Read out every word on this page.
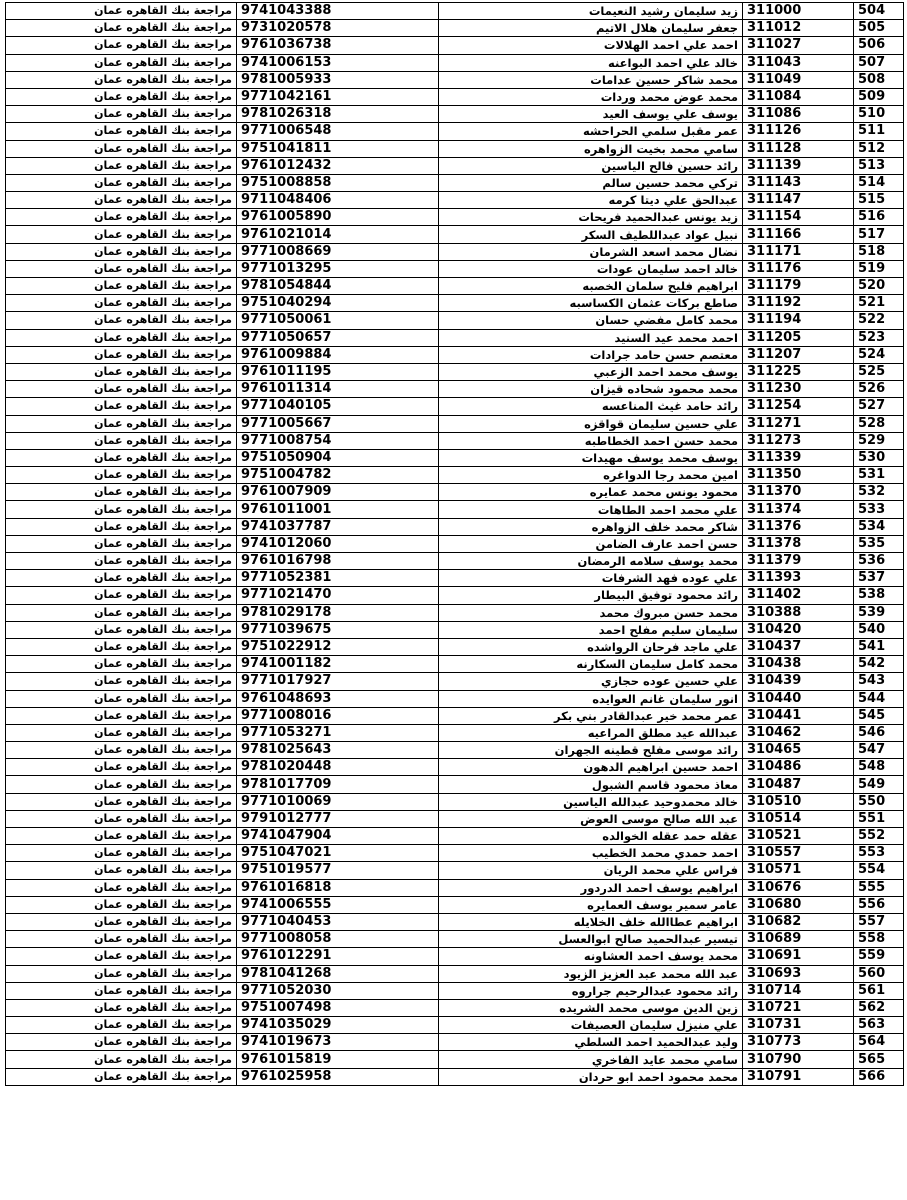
مراجعة بنك القاهره عمان	9741043388	زيد سليمان رشيد النعيمات	311000	504
مراجعة بنك القاهره عمان	9731020578	جعفر سليمان هلال الاتيم	311012	505
مراجعة بنك القاهره عمان	9761036738	احمد علي احمد الهلالات	311027	506
مراجعة بنك القاهره عمان	9741006153	خالد علي احمد البواعنه	311043	507
مراجعة بنك القاهره عمان	9781005933	محمد شاكر حسين عدامات	311049	508
مراجعة بنك القاهره عمان	9771042161	محمد عوض محمد وردات	311084	509
مراجعة بنك القاهره عمان	9781026318	يوسف علي يوسف العيد	311086	510
مراجعة بنك القاهره عمان	9771006548	عمر مقبل سلمي الحراحشه	311126	511
مراجعة بنك القاهره عمان	9751041811	سامي محمد بخيت الزواهره	311128	512
مراجعة بنك القاهره عمان	9761012432	رائد حسين فالح الياسين	311139	513
مراجعة بنك القاهره عمان	9751008858	تركي محمد حسين سالم	311143	514
مراجعة بنك القاهره عمان	9711048406	عبدالحق علي ديتا كرمه	311147	515
مراجعة بنك القاهره عمان	9761005890	زيد يونس عبدالحميد فريحات	311154	516
مراجعة بنك القاهره عمان	9761021014	نبيل عواد عبداللطيف السكر	311166	517
مراجعة بنك القاهره عمان	9771008669	نضال محمد اسعد الشرمان	311171	518
مراجعة بنك القاهره عمان	9771013295	خالد احمد سليمان عودات	311176	519
مراجعة بنك القاهره عمان	9781054844	ابراهيم فليح سلمان الخصبه	311179	520
مراجعة بنك القاهره عمان	9751040294	صاطع بركات عثمان الكساسبه	311192	521
مراجعة بنك القاهره عمان	9771050061	محمد كامل مفضي حسان	311194	522
مراجعة بنك القاهره عمان	9771050657	احمد محمد عيد السنيد	311205	523
مراجعة بنك القاهره عمان	9761009884	معتصم حسن حامد جرادات	311207	524
مراجعة بنك القاهره عمان	9761011195	يوسف محمد احمد الزعبي	311225	525
مراجعة بنك القاهره عمان	9761011314	محمد محمود شحاده قيزان	311230	526
مراجعة بنك القاهره عمان	9771040105	رائد حامد غيث المناعسه	311254	527
مراجعة بنك القاهره عمان	9771005667	علي حسين سليمان قواقزه	311271	528
مراجعة بنك القاهره عمان	9771008754	محمد حسن احمد الخطاطبه	311273	529
مراجعة بنك القاهره عمان	9751050904	يوسف محمد يوسف مهيدات	311339	530
مراجعة بنك القاهره عمان	9751004782	امين محمد رجا الدواغره	311350	531
مراجعة بنك القاهره عمان	9761007909	محمود يونس محمد عمايره	311370	532
مراجعة بنك القاهره عمان	9761011001	علي محمد احمد الطاهات	311374	533
مراجعة بنك القاهره عمان	9741037787	شاكر محمد خلف الزواهره	311376	534
مراجعة بنك القاهره عمان	9741012060	حسن احمد عارف الضامن	311378	535
مراجعة بنك القاهره عمان	9761016798	محمد يوسف سلامه الرمضان	311379	536
مراجعة بنك القاهره عمان	9771052381	علي عوده فهد الشرفات	311393	537
مراجعة بنك القاهره عمان	9771021470	رائد محمود توفيق البيطار	311402	538
مراجعة بنك القاهره عمان	9781029178	محمد حسن مبروك محمد	310388	539
مراجعة بنك القاهره عمان	9771039675	سليمان سليم مفلح احمد	310420	540
مراجعة بنك القاهره عمان	9751022912	علي ماجد فرحان الرواشده	310437	541
مراجعة بنك القاهره عمان	9741001182	محمد كامل سليمان السكارنه	310438	542
مراجعة بنك القاهره عمان	9771017927	علي حسين عوده حجازي	310439	543
مراجعة بنك القاهره عمان	9761048693	انور سليمان غانم العوايده	310440	544
مراجعة بنك القاهره عمان	9771008016	عمر محمد خير عبدالقادر بني بكر	310441	545
مراجعة بنك القاهره عمان	9771053271	عبدالله عيد مطلق المراعيه	310462	546
مراجعة بنك القاهره عمان	9781025643	رائد موسى مفلح قطينه الجهران	310465	547
مراجعة بنك القاهره عمان	9781020448	احمد حسين ابراهيم الدهون	310486	548
مراجعة بنك القاهره عمان	9781017709	معاذ محمود قاسم الشبول	310487	549
مراجعة بنك القاهره عمان	9771010069	خالد محمدوحيد عبدالله الياسين	310510	550
مراجعة بنك القاهره عمان	9791012777	عبد الله صالح موسى العوض	310514	551
مراجعة بنك القاهره عمان	9741047904	عقله حمد عقله الخوالده	310521	552
مراجعة بنك القاهره عمان	9751047021	احمد حمدي محمد الخطيب	310557	553
مراجعة بنك القاهره عمان	9751019577	فراس علي محمد الريان	310571	554
مراجعة بنك القاهره عمان	9761016818	ابراهيم يوسف احمد الدردور	310676	555
مراجعة بنك القاهره عمان	9741006555	عامر سمير يوسف العمايره	310680	556
مراجعة بنك القاهره عمان	9771040453	ابراهيم عطاالله خلف الخلايله	310682	557
مراجعة بنك القاهره عمان	9771008058	تيسير عبدالحميد صالح ابوالعسل	310689	558
مراجعة بنك القاهره عمان	9761012291	محمد يوسف احمد العشاونه	310691	559
مراجعة بنك القاهره عمان	9781041268	عبد الله محمد عبد العزيز الزيود	310693	560
مراجعة بنك القاهره عمان	9771052030	رائد محمود عبدالرحيم جراروه	310714	561
مراجعة بنك القاهره عمان	9751007498	زين الدين موسى محمد الشريده	310721	562
مراجعة بنك القاهره عمان	9741035029	علي منيزل سليمان العصيفات	310731	563
مراجعة بنك القاهره عمان	9741019673	وليد عبدالحميد احمد السلطي	310773	564
مراجعة بنك القاهره عمان	9761015819	سامي محمد عايد الفاخري	310790	565
مراجعة بنك القاهره عمان	9761025958	محمد محمود احمد ابو حردان	310791	566
